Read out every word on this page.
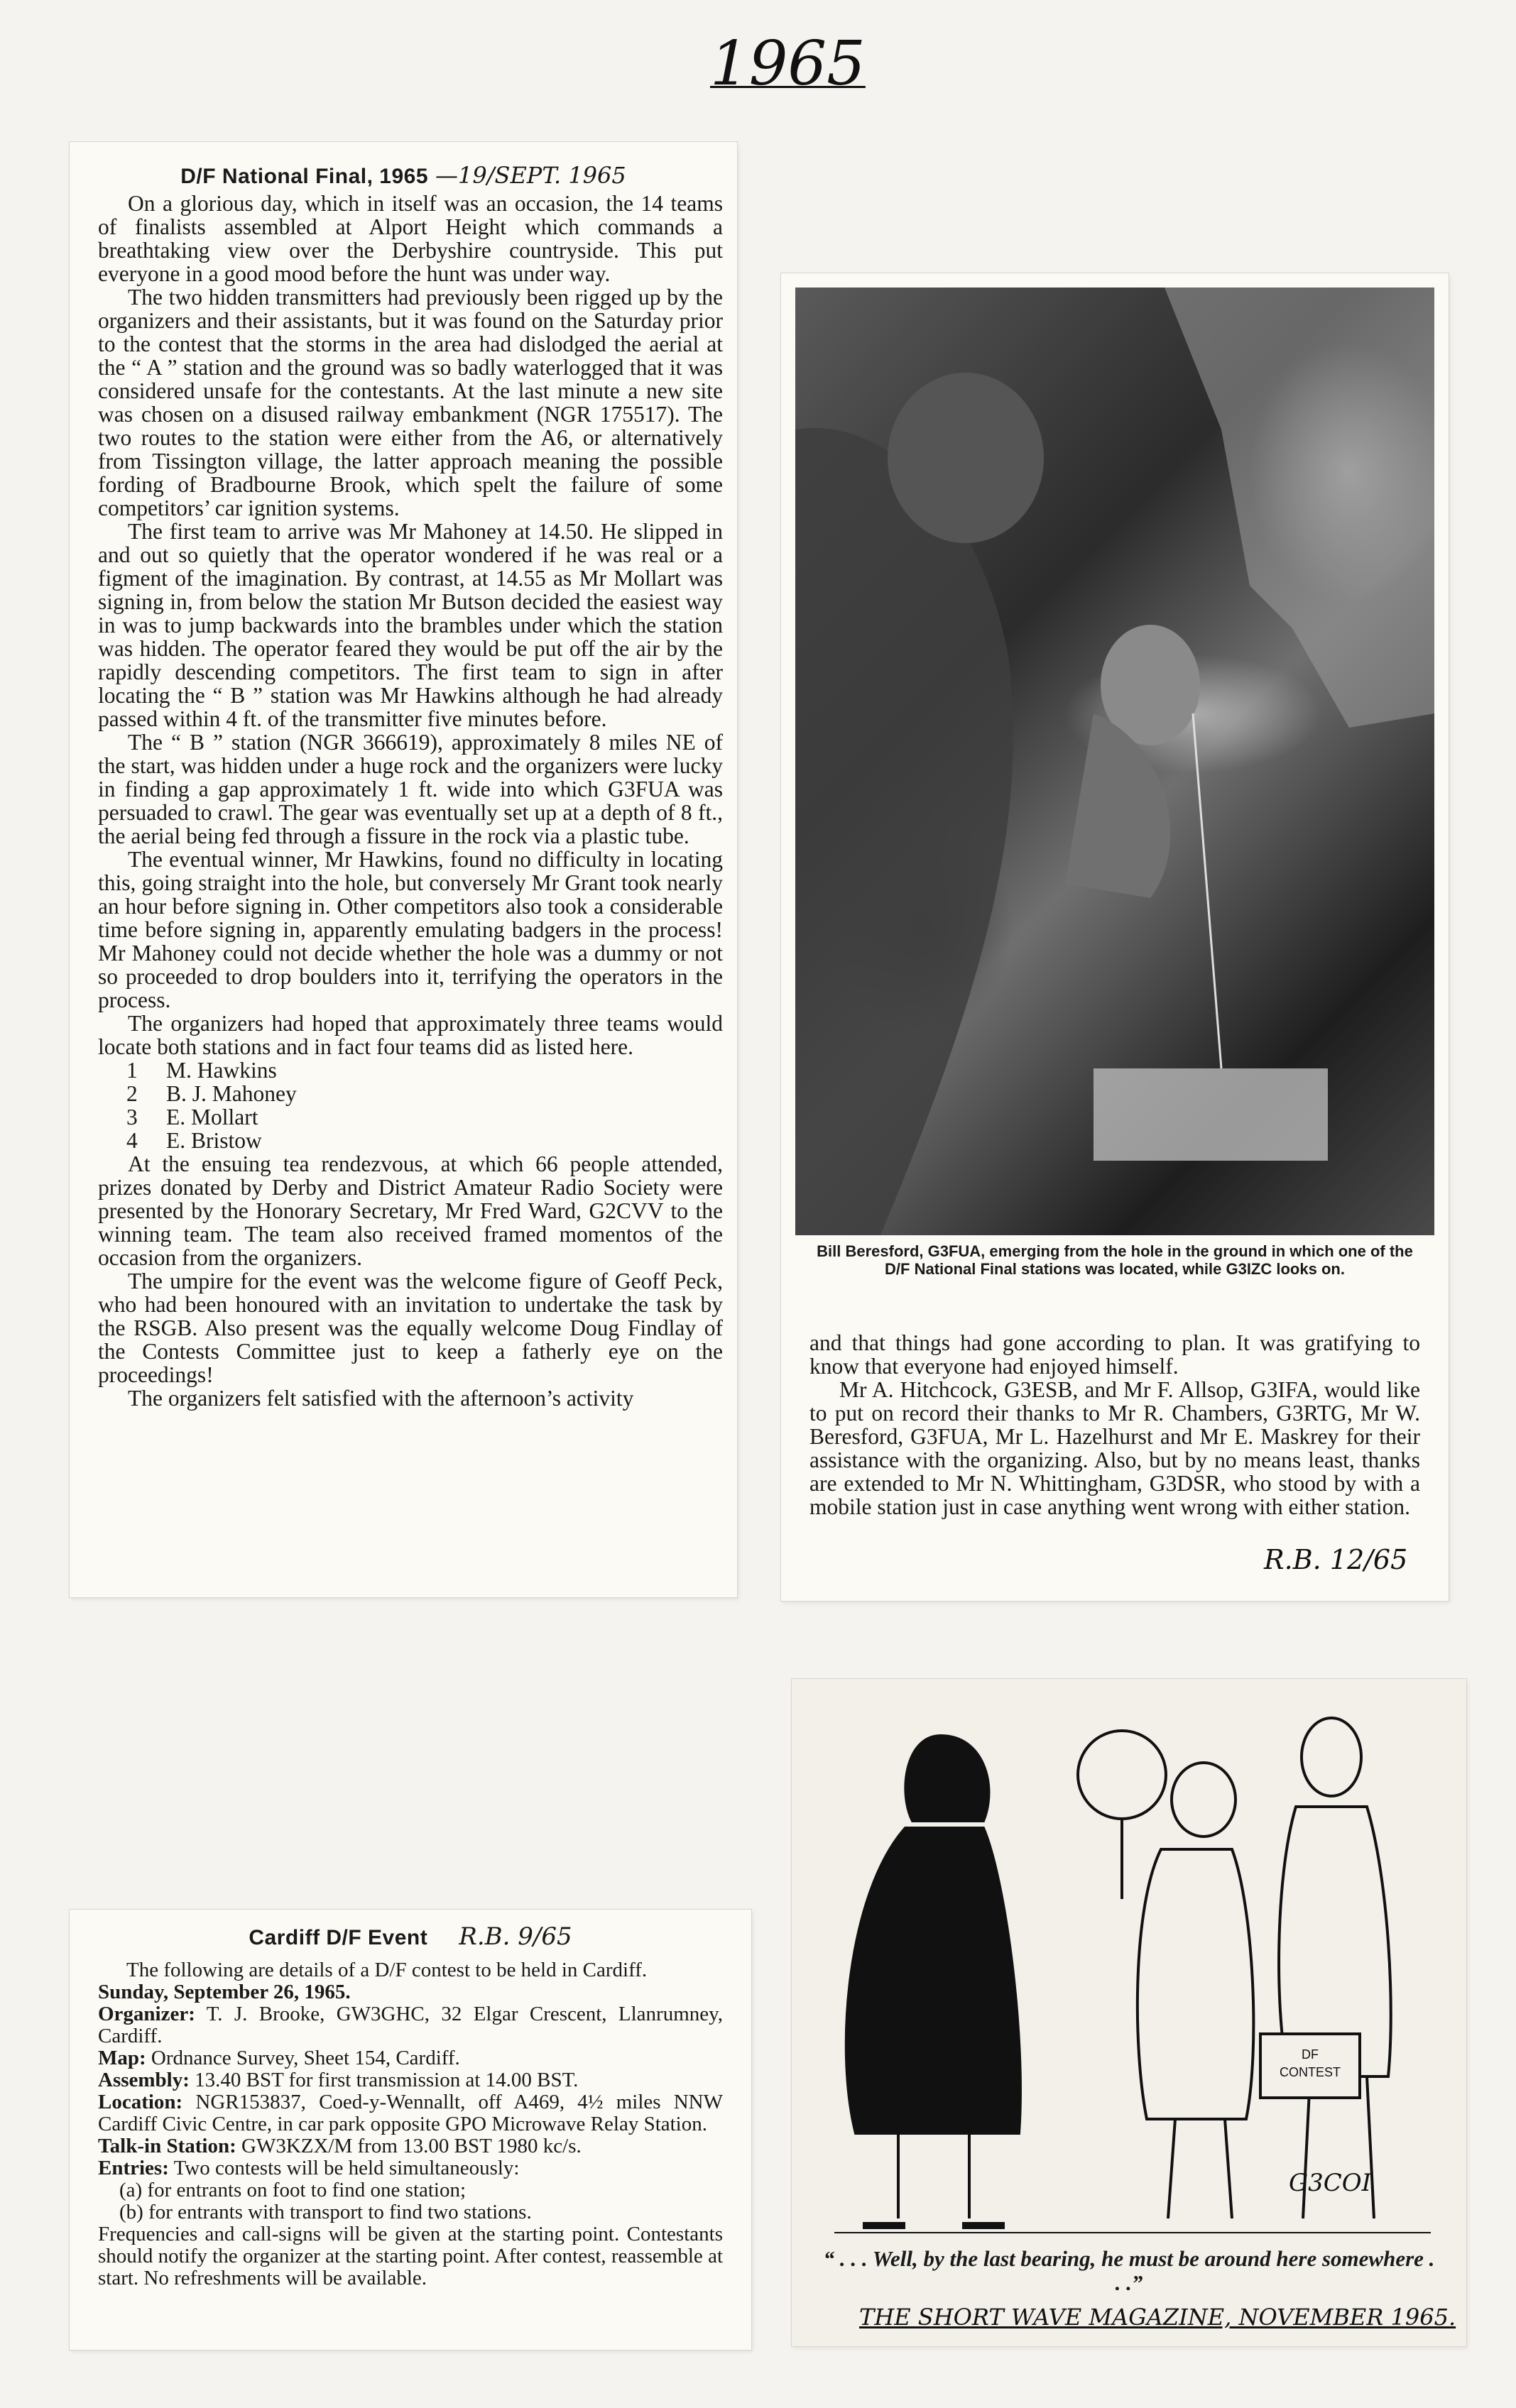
1965
D/F National Final, 1965 —19/SEPT. 1965

On a glorious day, which in itself was an occasion, the 14 teams of finalists assembled at Alport Height which commands a breathtaking view over the Derbyshire countryside. This put everyone in a good mood before the hunt was under way.

The two hidden transmitters had previously been rigged up by the organizers and their assistants, but it was found on the Saturday prior to the contest that the storms in the area had dislodged the aerial at the “ A ” station and the ground was so badly waterlogged that it was considered unsafe for the contestants. At the last minute a new site was chosen on a disused railway embankment (NGR 175517). The two routes to the station were either from the A6, or alternatively from Tissington village, the latter approach meaning the possible fording of Bradbourne Brook, which spelt the failure of some competitors’ car ignition systems.

The first team to arrive was Mr Mahoney at 14.50. He slipped in and out so quietly that the operator wondered if he was real or a figment of the imagination. By contrast, at 14.55 as Mr Mollart was signing in, from below the station Mr Butson decided the easiest way in was to jump backwards into the brambles under which the station was hidden. The operator feared they would be put off the air by the rapidly descending competitors. The first team to sign in after locating the “ B ” station was Mr Hawkins although he had already passed within 4 ft. of the transmitter five minutes before.

The “ B ” station (NGR 366619), approximately 8 miles NE of the start, was hidden under a huge rock and the organizers were lucky in finding a gap approximately 1 ft. wide into which G3FUA was persuaded to crawl. The gear was eventually set up at a depth of 8 ft., the aerial being fed through a fissure in the rock via a plastic tube.

The eventual winner, Mr Hawkins, found no difficulty in locating this, going straight into the hole, but conversely Mr Grant took nearly an hour before signing in. Other competitors also took a considerable time before signing in, apparently emulating badgers in the process! Mr Mahoney could not decide whether the hole was a dummy or not so proceeded to drop boulders into it, terrifying the operators in the process.

The organizers had hoped that approximately three teams would locate both stations and in fact four teams did as listed here.

1 M. Hawkins
2 B. J. Mahoney
3 E. Mollart
4 E. Bristow

At the ensuing tea rendezvous, at which 66 people attended, prizes donated by Derby and District Amateur Radio Society were presented by the Honorary Secretary, Mr Fred Ward, G2CVV to the winning team. The team also received framed momentos of the occasion from the organizers.

The umpire for the event was the welcome figure of Geoff Peck, who had been honoured with an invitation to undertake the task by the RSGB. Also present was the equally welcome Doug Findlay of the Contests Committee just to keep a fatherly eye on the proceedings!

The organizers felt satisfied with the afternoon’s activity

Bill Beresford, G3FUA, emerging from the hole in the ground in which one of the D/F National Final stations was located, while G3IZC looks on.

and that things had gone according to plan. It was gratifying to know that everyone had enjoyed himself.

Mr A. Hitchcock, G3ESB, and Mr F. Allsop, G3IFA, would like to put on record their thanks to Mr R. Chambers, G3RTG, Mr W. Beresford, G3FUA, Mr L. Hazelhurst and Mr E. Maskrey for their assistance with the organizing. Also, but by no means least, thanks are extended to Mr N. Whittingham, G3DSR, who stood by with a mobile station just in case anything went wrong with either station.

R.B. 12/65
Cardiff D/F Event R.B. 9/65

The following are details of a D/F contest to be held in Cardiff.

Sunday, September 26, 1965.

Organizer: T. J. Brooke, GW3GHC, 32 Elgar Crescent, Llanrumney, Cardiff.

Map: Ordnance Survey, Sheet 154, Cardiff.

Assembly: 13.40 BST for first transmission at 14.00 BST.

Location: NGR153837, Coed-y-Wennallt, off A469, 4½ miles NNW Cardiff Civic Centre, in car park opposite GPO Microwave Relay Station.

Talk-in Station: GW3KZX/M from 13.00 BST 1980 kc/s.

Entries: Two contests will be held simultaneously:

(a) for entrants on foot to find one station;

(b) for entrants with transport to find two stations.

Frequencies and call-signs will be given at the starting point. Contestants should notify the organizer at the starting point. After contest, reassemble at start. No refreshments will be available.

DF
CONTEST
G3COI
“ . . . Well, by the last bearing, he must be around here somewhere . . .”
THE SHORT WAVE MAGAZINE, NOVEMBER 1965.
